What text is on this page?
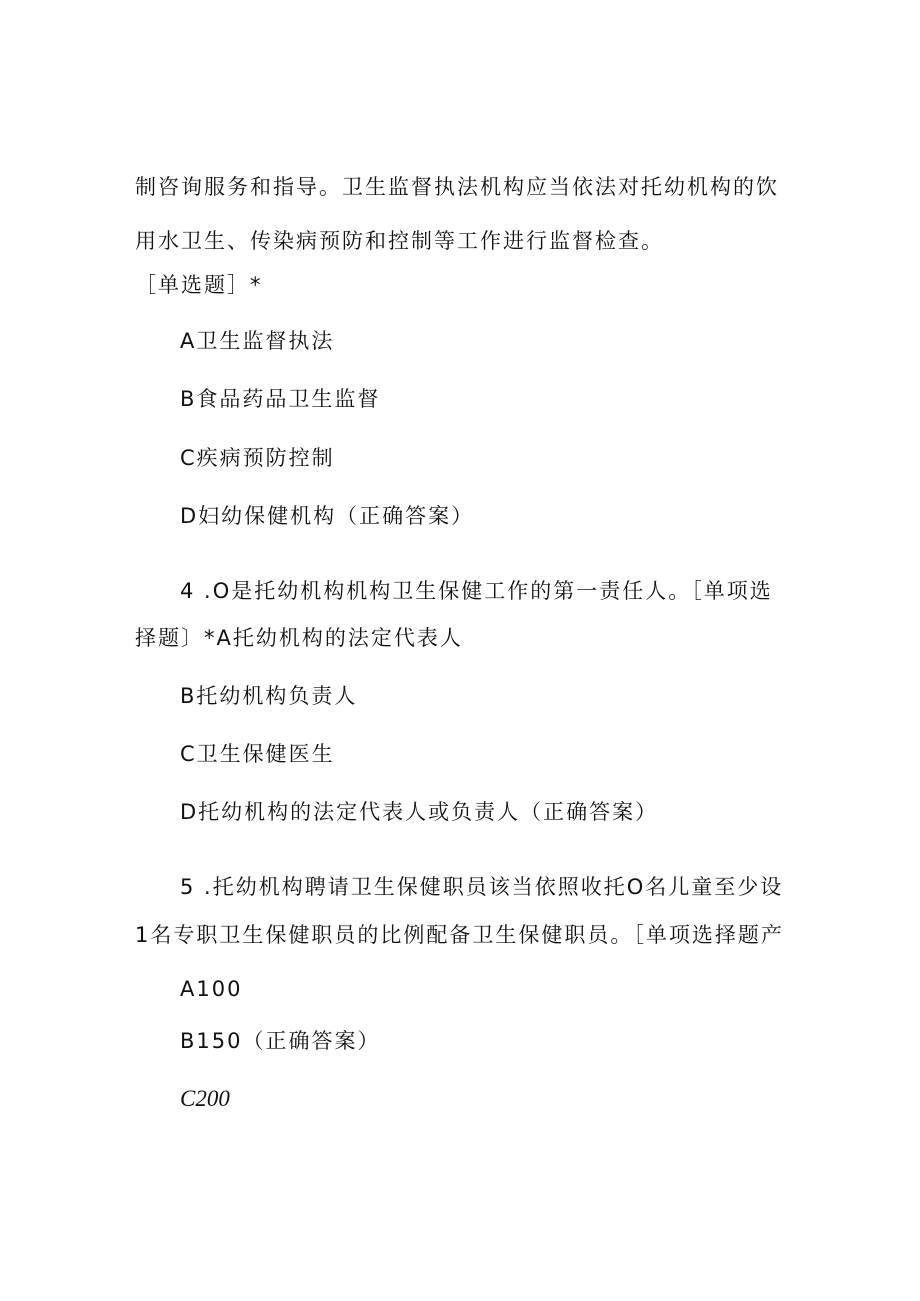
制咨询服务和指导。卫生监督执法机构应当依法对托幼机构的饮
用水卫生、传染病预防和控制等工作进行监督检查。
［单选题］*
A卫生监督执法
B食品药品卫生监督
C疾病预防控制
D妇幼保健机构（正确答案）
4 .O是托幼机构机构卫生保健工作的第一责任人。［单项选
择题〕*A托幼机构的法定代表人
B托幼机构负责人
C卫生保健医生
D托幼机构的法定代表人或负责人（正确答案）
5 .托幼机构聘请卫生保健职员该当依照收托O名儿童至少设
1名专职卫生保健职员的比例配备卫生保健职员。［单项选择题产
A100
B150（正确答案）
C200
